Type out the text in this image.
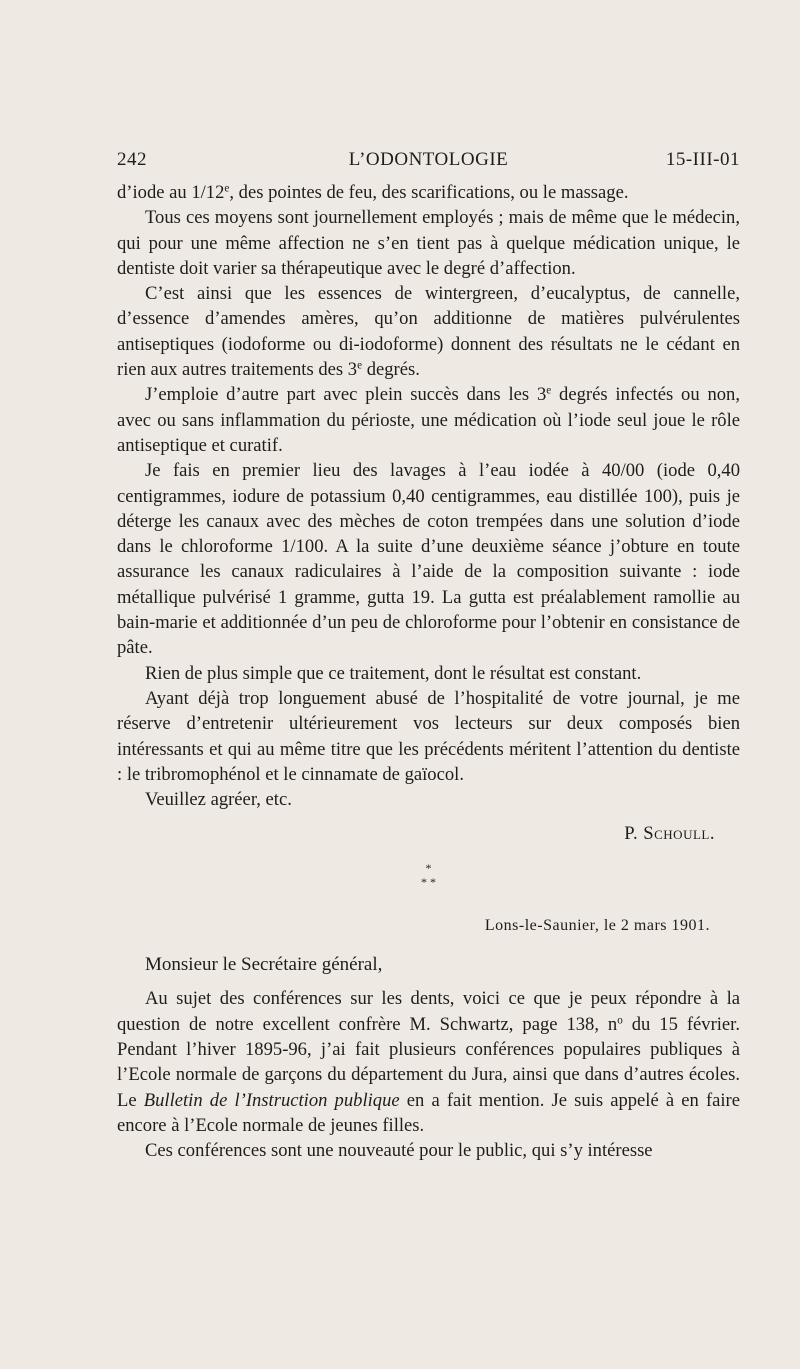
242	L’ODONTOLOGIE	15-III-01

d’iode au 1/12e, des pointes de feu, des scarifications, ou le massage.

Tous ces moyens sont journellement employés ; mais de même que le médecin, qui pour une même affection ne s’en tient pas à quelque médication unique, le dentiste doit varier sa thérapeutique avec le degré d’affection.

C’est ainsi que les essences de wintergreen, d’eucalyptus, de cannelle, d’essence d’amendes amères, qu’on additionne de matières pulvérulentes antiseptiques (iodoforme ou di-iodoforme) donnent des résultats ne le cédant en rien aux autres traitements des 3e degrés.

J’emploie d’autre part avec plein succès dans les 3e degrés infectés ou non, avec ou sans inflammation du périoste, une médication où l’iode seul joue le rôle antiseptique et curatif.

Je fais en premier lieu des lavages à l’eau iodée à 40/00 (iode 0,40 centigrammes, iodure de potassium 0,40 centigrammes, eau distillée 100), puis je déterge les canaux avec des mèches de coton trempées dans une solution d’iode dans le chloroforme 1/100. A la suite d’une deuxième séance j’obture en toute assurance les canaux radiculaires à l’aide de la composition suivante : iode métallique pulvérisé 1 gramme, gutta 19. La gutta est préalablement ramollie au bain-marie et additionnée d’un peu de chloroforme pour l’obtenir en consistance de pâte.

Rien de plus simple que ce traitement, dont le résultat est constant.

Ayant déjà trop longuement abusé de l’hospitalité de votre journal, je me réserve d’entretenir ultérieurement vos lecteurs sur deux composés bien intéressants et qui au même titre que les précédents méritent l’attention du dentiste : le tribromophénol et le cinnamate de gaïocol.

Veuillez agréer, etc.

P. Schoull.
*
* *
Lons-le-Saunier, le 2 mars 1901.
Monsieur le Secrétaire général,

Au sujet des conférences sur les dents, voici ce que je peux répondre à la question de notre excellent confrère M. Schwartz, page 138, $n^o$ du 15 février. Pendant l’hiver 1895-96, j’ai fait plusieurs conférences populaires publiques à l’Ecole normale de garçons du département du Jura, ainsi que dans d’autres écoles. Le Bulletin de l’Instruction publique en a fait mention. Je suis appelé à en faire encore à l’Ecole normale de jeunes filles.

Ces conférences sont une nouveauté pour le public, qui s’y intéresse
